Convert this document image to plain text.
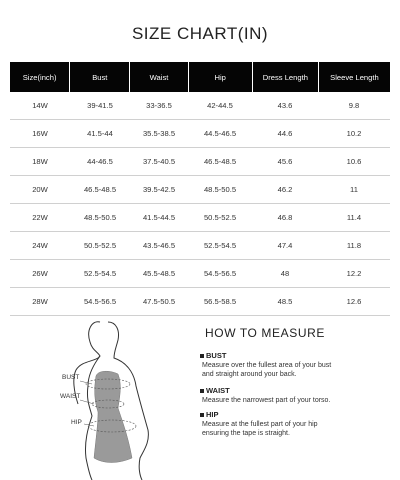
SIZE CHART(IN)
Size(inch)	Bust	Waist	Hip	Dress Length	Sleeve Length
14W	39-41.5	33-36.5	42-44.5	43.6	9.8
16W	41.5-44	35.5-38.5	44.5-46.5	44.6	10.2
18W	44-46.5	37.5-40.5	46.5-48.5	45.6	10.6
20W	46.5-48.5	39.5-42.5	48.5-50.5	46.2	11
22W	48.5-50.5	41.5-44.5	50.5-52.5	46.8	11.4
24W	50.5-52.5	43.5-46.5	52.5-54.5	47.4	11.8
26W	52.5-54.5	45.5-48.5	54.5-56.5	48	12.2
28W	54.5-56.5	47.5-50.5	56.5-58.5	48.5	12.6
BUST
WAIST
HIP
HOW TO MEASURE
BUST
Measure over the fullest area of your bust
and straight around your back.
WAIST
Measure the narrowest part of your torso.
HIP
Measure at the fullest part of your hip
ensuring the tape is straight.
